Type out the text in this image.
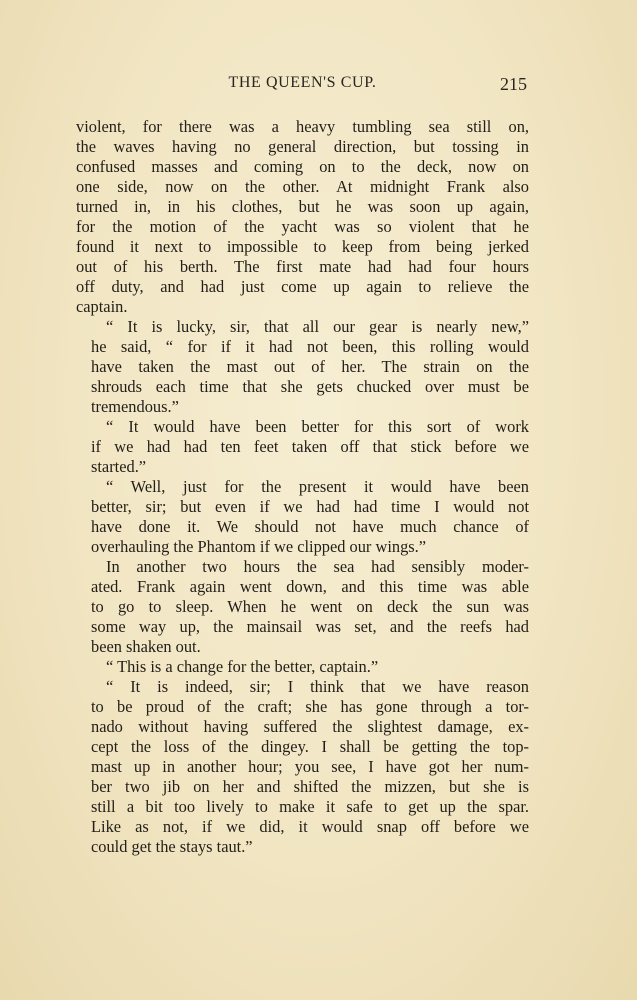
THE QUEEN'S CUP.	215
violent, for there was a heavy tumbling sea still on,
the waves having no general direction, but tossing in
confused masses and coming on to the deck, now on
one side, now on the other. At midnight Frank also
turned in, in his clothes, but he was soon up again,
for the motion of the yacht was so violent that he
found it next to impossible to keep from being jerked
out of his berth. The first mate had had four hours
off duty, and had just come up again to relieve the
captain.
“ It is lucky, sir, that all our gear is nearly new,”
he said, “ for if it had not been, this rolling would
have taken the mast out of her. The strain on the
shrouds each time that she gets chucked over must be
tremendous.”
“ It would have been better for this sort of work
if we had had ten feet taken off that stick before we
started.”
“ Well, just for the present it would have been
better, sir; but even if we had had time I would not
have done it. We should not have much chance of
overhauling the Phantom if we clipped our wings.”
In another two hours the sea had sensibly moder-
ated. Frank again went down, and this time was able
to go to sleep. When he went on deck the sun was
some way up, the mainsail was set, and the reefs had
been shaken out.
“ This is a change for the better, captain.”
“ It is indeed, sir; I think that we have reason
to be proud of the craft; she has gone through a tor-
nado without having suffered the slightest damage, ex-
cept the loss of the dingey. I shall be getting the top-
mast up in another hour; you see, I have got her num-
ber two jib on her and shifted the mizzen, but she is
still a bit too lively to make it safe to get up the spar.
Like as not, if we did, it would snap off before we
could get the stays taut.”
